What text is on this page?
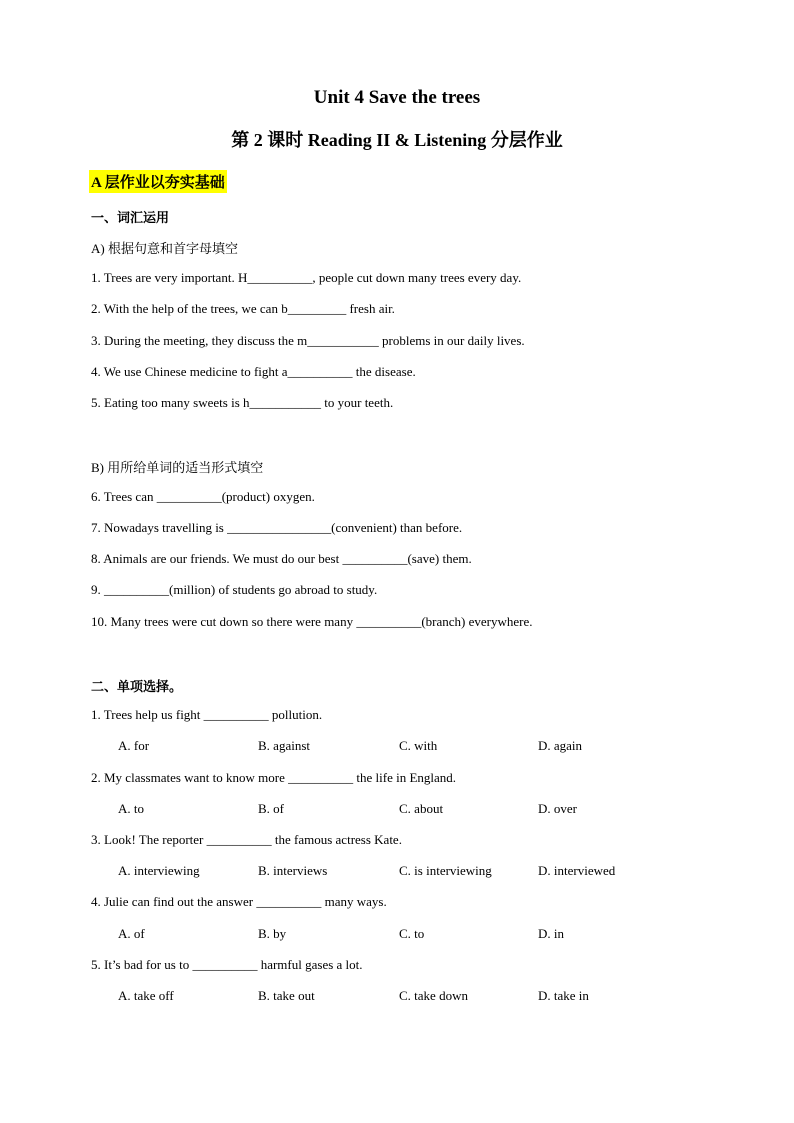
Unit 4 Save the trees
第 2 课时 Reading II & Listening 分层作业
A 层作业以夯实基础
一、词汇运用
A) 根据句意和首字母填空
1. Trees are very important. H__________, people cut down many trees every day.
2. With the help of the trees, we can b_________ fresh air.
3. During the meeting, they discuss the m___________ problems in our daily lives.
4. We use Chinese medicine to fight a__________ the disease.
5. Eating too many sweets is h___________ to your teeth.
B) 用所给单词的适当形式填空
6. Trees can __________(product) oxygen.
7. Nowadays travelling is ________________(convenient) than before.
8. Animals are our friends. We must do our best __________(save) them.
9. __________(million) of students go abroad to study.
10. Many trees were cut down so there were many __________(branch) everywhere.
二、单项选择。
1. Trees help us fight __________ pollution.
A. for	B. against	C. with	D. again
2. My classmates want to know more __________ the life in England.
A. to	B. of	C. about	D. over
3. Look! The reporter __________ the famous actress Kate.
A. interviewing	B. interviews	C. is interviewing	D. interviewed
4. Julie can find out the answer __________ many ways.
A. of	B. by	C. to	D. in
5. It’s bad for us to __________ harmful gases a lot.
A. take off	B. take out	C. take down	D. take in
